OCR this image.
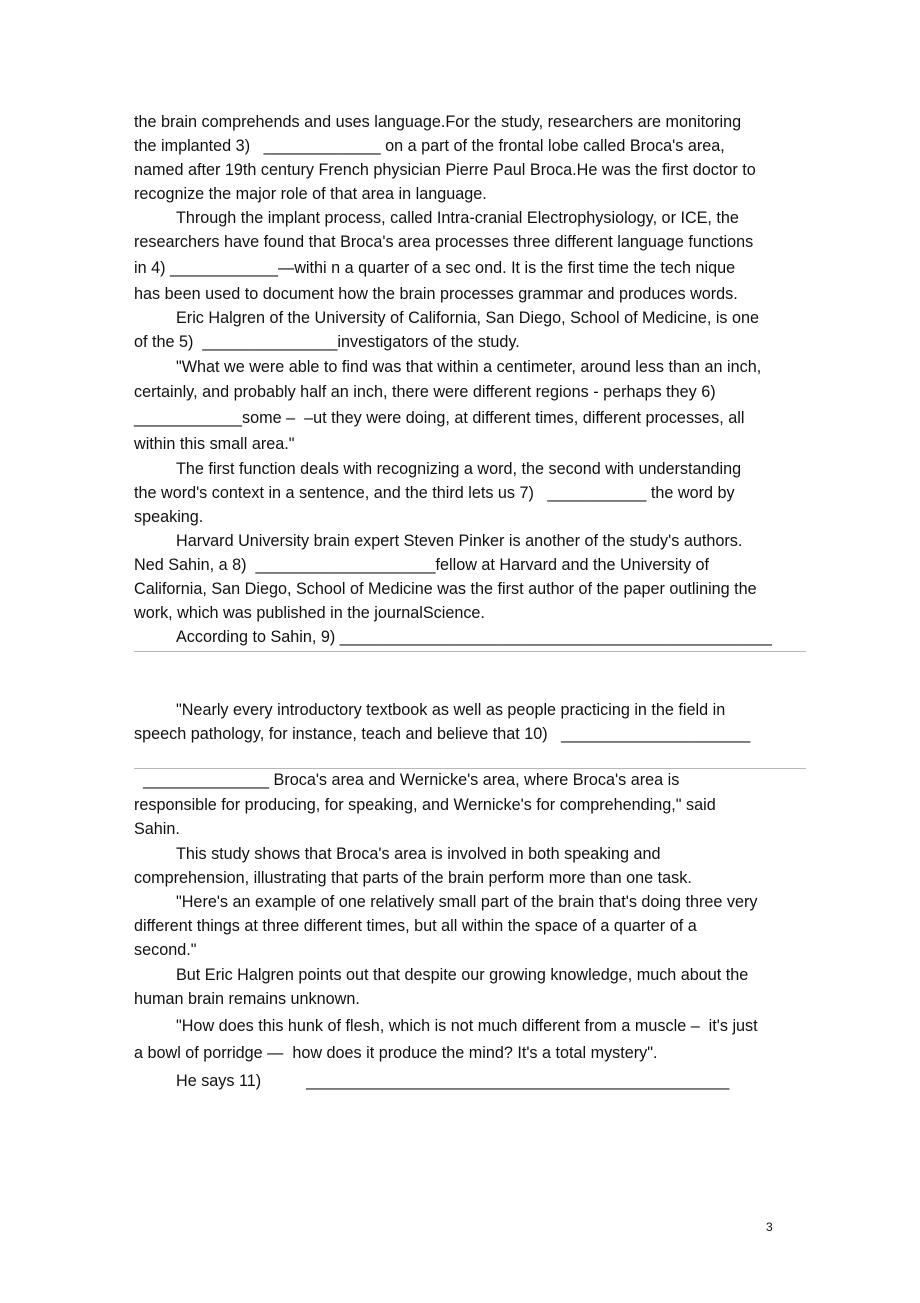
the brain comprehends and uses language.For the study, researchers are monitoring
the implanted 3)   _____________ on a part of the frontal lobe called Broca's area,
named after 19th century French physician Pierre Paul Broca.He was the first doctor to
recognize the major role of that area in language.
Through the implant process, called Intra-cranial Electrophysiology, or ICE, the
researchers have found that Broca's area processes three different language functions
in 4) ____________—withi n a quarter of a sec ond. It is the first time the tech nique
has been used to document how the brain processes grammar and produces words.
Eric Halgren of the University of California, San Diego, School of Medicine, is one
of the 5)  _______________investigators of the study.
"What we were able to find was that within a centimeter, around less than an inch,
certainly, and probably half an inch, there were different regions - perhaps they 6)
____________some –  –ut they were doing, at different times, different processes, all
within this small area."
The first function deals with recognizing a word, the second with understanding
the word's context in a sentence, and the third lets us 7)   ___________ the word by
speaking.
Harvard University brain expert Steven Pinker is another of the study's authors.
Ned Sahin, a 8)  ____________________fellow at Harvard and the University of
California, San Diego, School of Medicine was the first author of the paper outlining the
work, which was published in the journalScience.
According to Sahin, 9) ________________________________________________
"Nearly every introductory textbook as well as people practicing in the field in
speech pathology, for instance, teach and believe that 10)   _____________________
______________ Broca's area and Wernicke's area, where Broca's area is
responsible for producing, for speaking, and Wernicke's for comprehending," said
Sahin.
This study shows that Broca's area is involved in both speaking and
comprehension, illustrating that parts of the brain perform more than one task.
"Here's an example of one relatively small part of the brain that's doing three very
different things at three different times, but all within the space of a quarter of a
second."
But Eric Halgren points out that despite our growing knowledge, much about the
human brain remains unknown.
"How does this hunk of flesh, which is not much different from a muscle –  it's just
a bowl of porridge —  how does it produce the mind? It's a total mystery".
He says 11)          _______________________________________________
3
